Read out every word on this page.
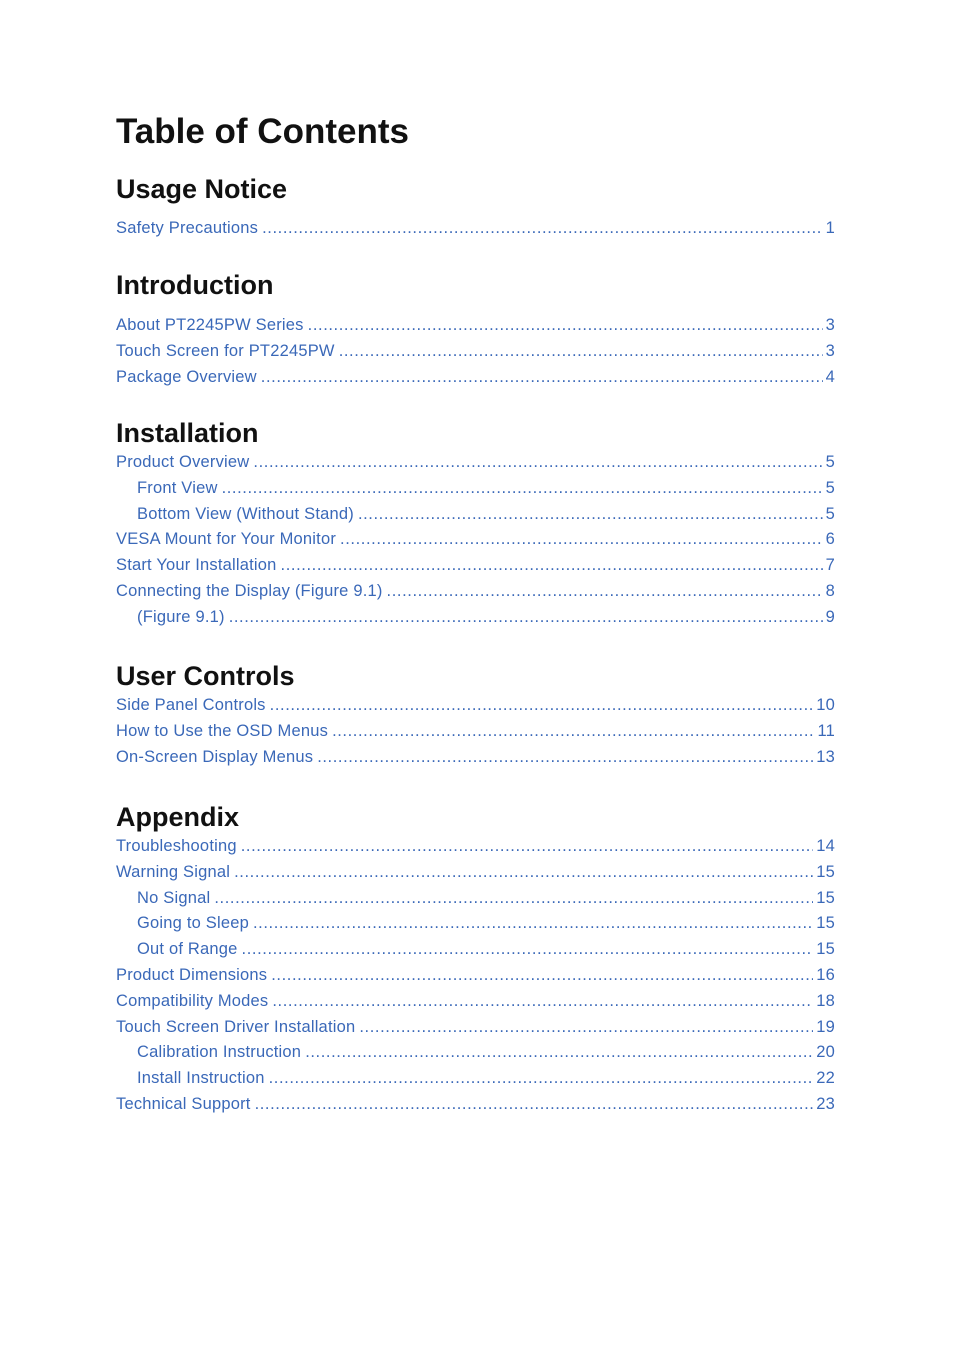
Table of Contents
Usage Notice
Safety Precautions .....	1
Introduction
About PT2245PW Series .....	3
Touch Screen for PT2245PW .....	3
Package Overview .....	4
Installation
Product Overview .....	5
Front View .....	5
Bottom View (Without Stand) .....	5
VESA Mount for Your Monitor .....	6
Start Your Installation .....	7
Connecting the Display (Figure 9.1) .....	8
(Figure 9.1) .....	9
User Controls
Side Panel Controls .....	10
How to Use the OSD Menus .....	11
On-Screen Display Menus .....	13
Appendix
Troubleshooting .....	14
Warning Signal .....	15
No Signal .....	15
Going to Sleep .....	15
Out of Range .....	15
Product Dimensions .....	16
Compatibility Modes .....	18
Touch Screen Driver Installation .....	19
Calibration Instruction .....	20
Install Instruction .....	22
Technical Support .....	23
